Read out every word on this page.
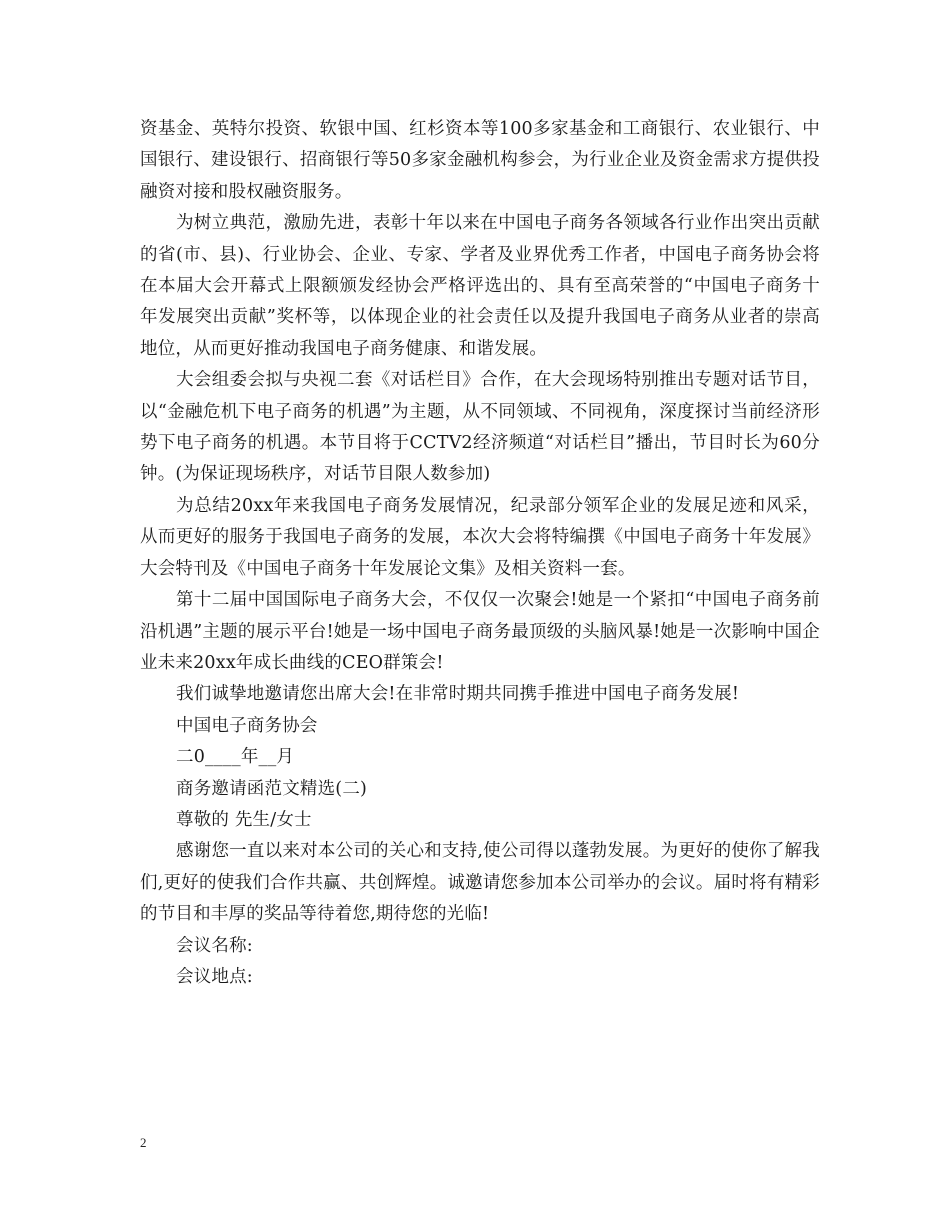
资基金、英特尔投资、软银中国、红杉资本等100多家基金和工商银行、农业银行、中国银行、建设银行、招商银行等50多家金融机构参会，为行业企业及资金需求方提供投融资对接和股权融资服务。

为树立典范，激励先进，表彰十年以来在中国电子商务各领域各行业作出突出贡献的省(市、县)、行业协会、企业、专家、学者及业界优秀工作者，中国电子商务协会将在本届大会开幕式上限额颁发经协会严格评选出的、具有至高荣誉的“中国电子商务十年发展突出贡献”奖杯等，以体现企业的社会责任以及提升我国电子商务从业者的崇高地位，从而更好推动我国电子商务健康、和谐发展。

大会组委会拟与央视二套《对话栏目》合作，在大会现场特别推出专题对话节目，以“金融危机下电子商务的机遇”为主题，从不同领域、不同视角，深度探讨当前经济形势下电子商务的机遇。本节目将于CCTV2经济频道“对话栏目”播出，节目时长为60分钟。(为保证现场秩序，对话节目限人数参加)

为总结20xx年来我国电子商务发展情况，纪录部分领军企业的发展足迹和风采，从而更好的服务于我国电子商务的发展，本次大会将特编撰《中国电子商务十年发展》大会特刊及《中国电子商务十年发展论文集》及相关资料一套。

第十二届中国国际电子商务大会，不仅仅一次聚会!她是一个紧扣“中国电子商务前沿机遇”主题的展示平台!她是一场中国电子商务最顶级的头脑风暴!她是一次影响中国企业未来20xx年成长曲线的CEO群策会!

我们诚挚地邀请您出席大会!在非常时期共同携手推进中国电子商务发展!

中国电子商务协会

二0____年__月

商务邀请函范文精选(二)

尊敬的 先生/女士

感谢您一直以来对本公司的关心和支持,使公司得以蓬勃发展。为更好的使你了解我们,更好的使我们合作共赢、共创辉煌。诚邀请您参加本公司举办的会议。届时将有精彩的节目和丰厚的奖品等待着您,期待您的光临!

会议名称:

会议地点:

2
